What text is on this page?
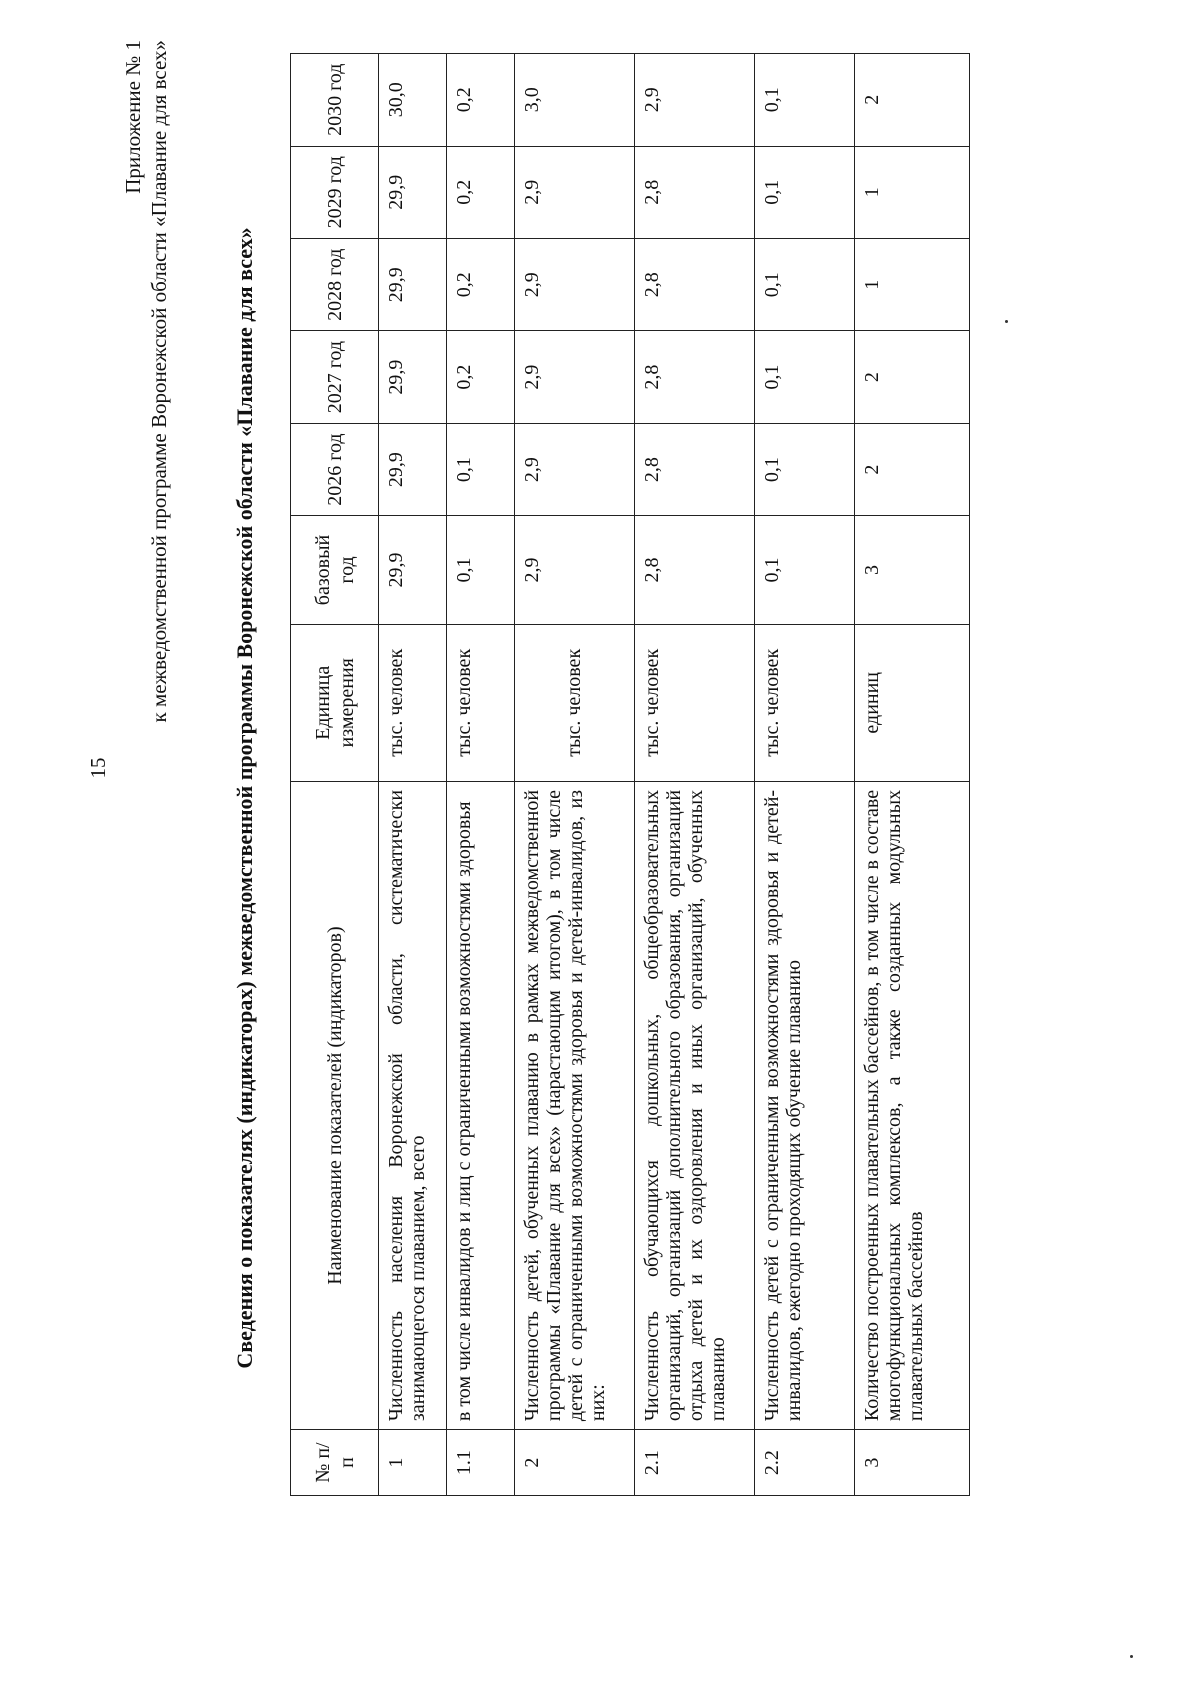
15
Приложение № 1 к межведомственной программе Воронежской области «Плавание для всех»	Сведения о показателях (индикаторах) межведомственной программы Воронежской области «Плавание для всех»
№ п/п	Наименование показателей (индикаторов)	Единица измерения	базовый год	2026 год	2027 год	2028 год	2029 год	2030 год
1	Численность населения Воронежской области, систематически занимающегося плаванием, всего	тыс. человек	29,9	29,9	29,9	29,9	29,9	30,0
1.1	в том числе инвалидов и лиц с ограниченными возможностями здоровья	тыс. человек	0,1	0,1	0,2	0,2	0,2	0,2
2	Численность детей, обученных плаванию в рамках межведомственной программы «Плавание для всех» (нарастающим итогом), в том числе детей с ограниченными возможностями здоровья и детей-инвалидов, из них:	тыс. человек	2,9	2,9	2,9	2,9	2,9	3,0
2.1	Численность обучающихся дошкольных, общеобразовательных организаций, организаций дополнительного образования, организаций отдыха детей и их оздоровления и иных организаций, обученных плаванию	тыс. человек	2,8	2,8	2,8	2,8	2,8	2,9
2.2	Численность детей с ограниченными возможностями здоровья и детей-инвалидов, ежегодно проходящих обучение плаванию	тыс. человек	0,1	0,1	0,1	0,1	0,1	0,1
3	Количество построенных плавательных бассейнов, в том числе в составе многофункциональных комплексов, а также созданных модульных плавательных бассейнов	единиц	3	2	2	1	1	2
